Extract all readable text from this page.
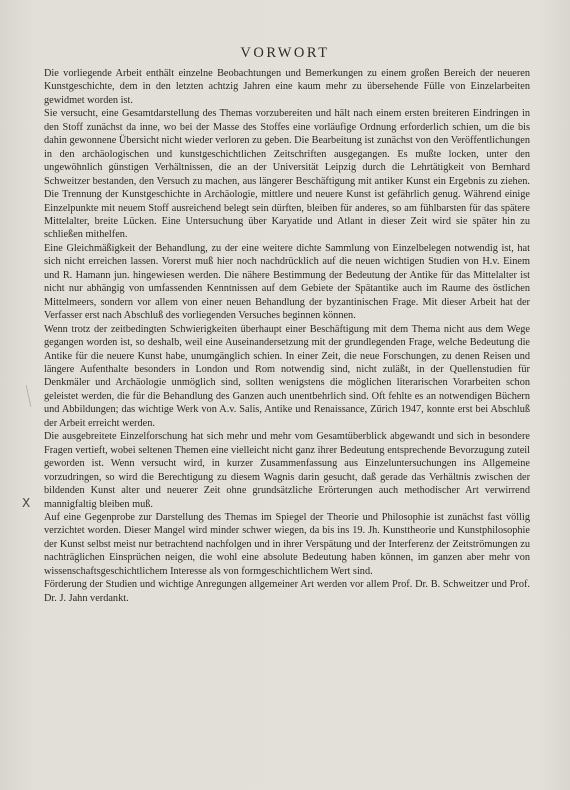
VORWORT

Die vorliegende Arbeit enthält einzelne Beobachtungen und Bemerkungen zu einem großen Bereich der neueren Kunstgeschichte, dem in den letzten achtzig Jahren eine kaum mehr zu übersehende Fülle von Einzelarbeiten gewidmet worden ist.

Sie versucht, eine Gesamtdarstellung des Themas vorzubereiten und hält nach einem ersten breiteren Eindringen in den Stoff zunächst da inne, wo bei der Masse des Stoffes eine vorläufige Ordnung erforderlich schien, um die bis dahin gewonnene Übersicht nicht wieder verloren zu geben. Die Bearbeitung ist zunächst von den Veröffentlichungen in den archäologischen und kunstgeschichtlichen Zeitschriften ausgegangen. Es mußte locken, unter den ungewöhnlich günstigen Verhältnissen, die an der Universität Leipzig durch die Lehrtätigkeit von Bernhard Schweitzer bestanden, den Versuch zu machen, aus längerer Beschäftigung mit antiker Kunst ein Ergebnis zu ziehen. Die Trennung der Kunstgeschichte in Archäologie, mittlere und neuere Kunst ist gefährlich genug. Während einige Einzelpunkte mit neuem Stoff ausreichend belegt sein dürften, bleiben für anderes, so am fühlbarsten für das spätere Mittelalter, breite Lücken. Eine Untersuchung über Karyatide und Atlant in dieser Zeit wird sie später hin zu schließen mithelfen.

Eine Gleichmäßigkeit der Behandlung, zu der eine weitere dichte Sammlung von Einzelbelegen notwendig ist, hat sich nicht erreichen lassen. Vorerst muß hier noch nachdrücklich auf die neuen wichtigen Studien von H.v. Einem und R. Hamann jun. hingewiesen werden. Die nähere Bestimmung der Bedeutung der Antike für das Mittelalter ist nicht nur abhängig von umfassenden Kenntnissen auf dem Gebiete der Spätantike auch im Raume des östlichen Mittelmeers, sondern vor allem von einer neuen Behandlung der byzantinischen Frage. Mit dieser Arbeit hat der Verfasser erst nach Abschluß des vorliegenden Versuches beginnen können.

Wenn trotz der zeitbedingten Schwierigkeiten überhaupt einer Beschäftigung mit dem Thema nicht aus dem Wege gegangen worden ist, so deshalb, weil eine Auseinandersetzung mit der grundlegenden Frage, welche Bedeutung die Antike für die neuere Kunst habe, unumgänglich schien. In einer Zeit, die neue Forschungen, zu denen Reisen und längere Aufenthalte besonders in London und Rom notwendig sind, nicht zuläßt, in der Quellenstudien für Denkmäler und Archäologie unmöglich sind, sollten wenigstens die möglichen literarischen Vorarbeiten schon geleistet werden, die für die Behandlung des Ganzen auch unentbehrlich sind. Oft fehlte es an notwendigen Büchern und Abbildungen; das wichtige Werk von A.v. Salis, Antike und Renaissance, Zürich 1947, konnte erst bei Abschluß der Arbeit erreicht werden.

Die ausgebreitete Einzelforschung hat sich mehr und mehr vom Gesamtüberblick abgewandt und sich in besondere Fragen vertieft, wobei seltenen Themen eine vielleicht nicht ganz ihrer Bedeutung entsprechende Bevorzugung zuteil geworden ist. Wenn versucht wird, in kurzer Zusammenfassung aus Einzeluntersuchungen ins Allgemeine vorzudringen, so wird die Berechtigung zu diesem Wagnis darin gesucht, daß gerade das Verhältnis zwischen der bildenden Kunst alter und neuerer Zeit ohne grundsätzliche Erörterungen auch methodischer Art verwirrend mannigfaltig bleiben muß.

Auf eine Gegenprobe zur Darstellung des Themas im Spiegel der Theorie und Philosophie ist zunächst fast völlig verzichtet worden. Dieser Mangel wird minder schwer wiegen, da bis ins 19. Jh. Kunsttheorie und Kunstphilosophie der Kunst selbst meist nur betrachtend nachfolgen und in ihrer Verspätung und der Interferenz der Zeitströmungen zu nachträglichen Einsprüchen neigen, die wohl eine absolute Bedeutung haben können, im ganzen aber mehr von wissenschaftsgeschichtlichem Interesse als von formgeschichtlichem Wert sind.

Förderung der Studien und wichtige Anregungen allgemeiner Art werden vor allem Prof. Dr. B. Schweitzer und Prof. Dr. J. Jahn verdankt.

X
